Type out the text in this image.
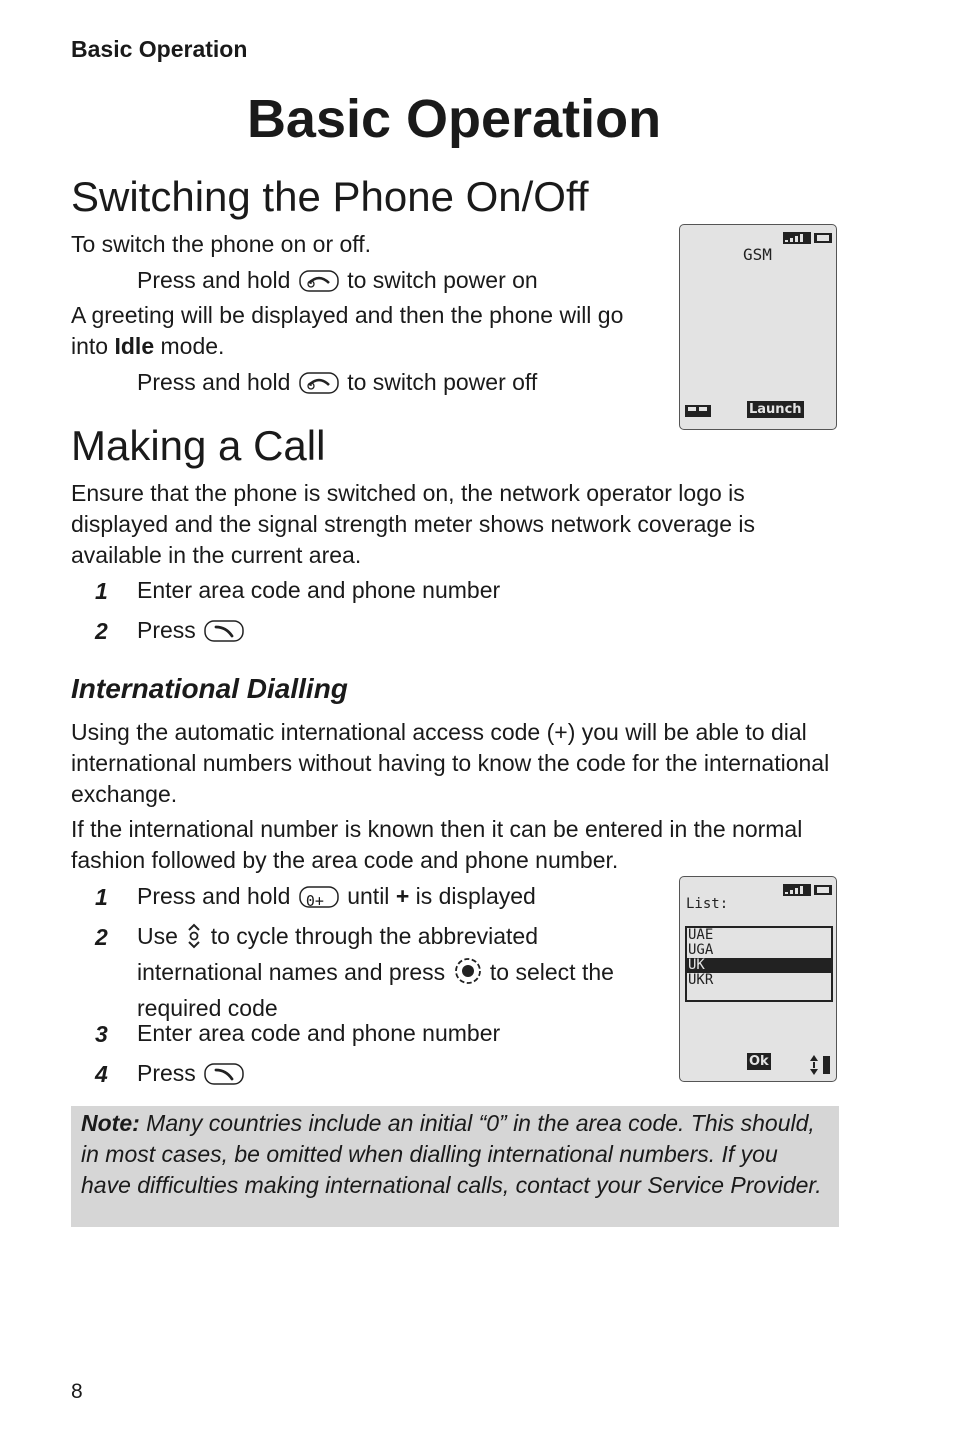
Basic Operation
Basic Operation
Switching the Phone On/Off
To switch the phone on or off.
Press and hold to switch power on
A greeting will be displayed and then the phone will go into Idle mode.
Press and hold to switch power off
GSM
Launch
Making a Call
Ensure that the phone is switched on, the network operator logo is displayed and the signal strength meter shows network coverage is available in the current area.
1 Enter area code and phone number
2 Press
International Dialling
Using the automatic international access code (+) you will be able to dial international numbers without having to know the code for the international exchange.
If the international number is known then it can be entered in the normal fashion followed by the area code and phone number.
1 Press and hold 0+ until + is displayed
2 Use to cycle through the abbreviated international names and press to select the required code
3 Enter area code and phone number
4 Press
List:
UAE
UGA
UK
UKR
Ok
Note: Many countries include an initial “0” in the area code. This should, in most cases, be omitted when dialling international numbers. If you have difficulties making international calls, contact your Service Provider.
8
